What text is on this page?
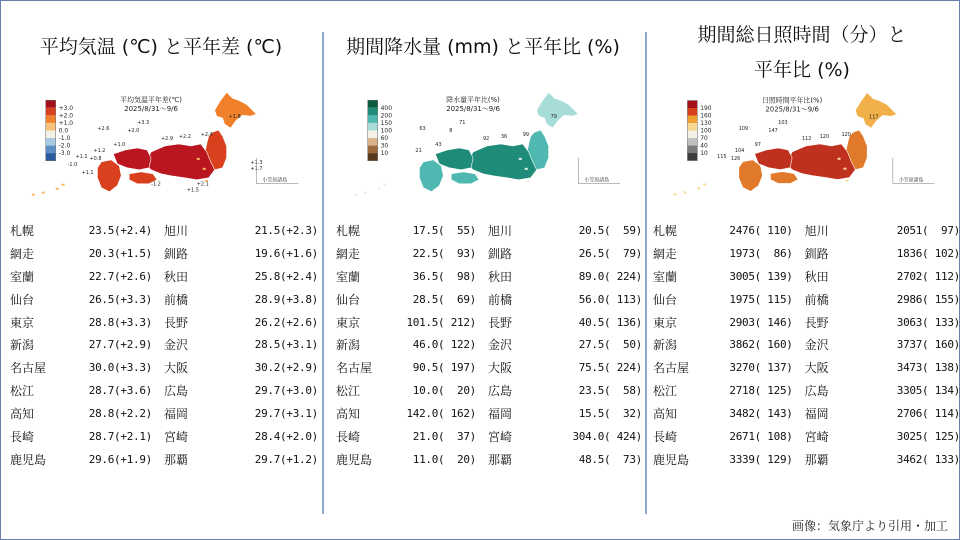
平均気温 (℃) と平年差 (℃)
+3.0
+2.0
+1.0
0.0
-1.0
-2.0
-3.0
平均気温平年差(℃)
2025/8/31～9/6
+2.6	+2.0
+3.3
+2.2 +2.4
+1.8
+1.0
+2.9
+1.2
+0.8
+1.1
-1.0
+1.1
-1.2	+2.1
+1.5
+1.3
+1.7
小笠原諸島
札幌	23.5(+2.4)	旭川	21.5(+2.3)
網走	20.3(+1.5)	釧路	19.6(+1.6)
室蘭	22.7(+2.6)	秋田	25.8(+2.4)
仙台	26.5(+3.3)	前橋	28.9(+3.8)
東京	28.8(+3.3)	長野	26.2(+2.6)
新潟	27.7(+2.9)	金沢	28.5(+3.1)
名古屋	30.0(+3.3)	大阪	30.2(+2.9)
松江	28.7(+3.6)	広島	29.7(+3.0)
高知	28.8(+2.2)	福岡	29.7(+3.1)
長崎	28.7(+2.1)	宮崎	28.4(+2.0)
鹿児島	29.6(+1.9)	那覇	29.7(+1.2)
期間降水量 (mm) と平年比 (%)
400
200
150
100
60
30
10
降水量平年比(%)
2025/8/31～9/6
63	8
71
36	99
79
43
92
21
小笠原諸島
札幌	17.5(  55)	旭川	20.5(  59)
網走	22.5(  93)	釧路	26.5(  79)
室蘭	36.5(  98)	秋田	89.0( 224)
仙台	28.5(  69)	前橋	56.0( 113)
東京	101.5( 212)	長野	40.5( 136)
新潟	46.0( 122)	金沢	27.5(  50)
名古屋	90.5( 197)	大阪	75.5( 224)
松江	10.0(  20)	広島	23.5(  58)
高知	142.0( 162)	福岡	15.5(  32)
長崎	21.0(  37)	宮崎	304.0( 424)
鹿児島	11.0(  20)	那覇	48.5(  73)
期間総日照時間（分）と
平年比 (%)
190
160
130
100
70
40
10
日照時間平年比(%)
2025/8/31～9/6
109	147
103
120 120
117
97
112
104
126
115
小笠原諸島
札幌	2476( 110)	旭川	2051(  97)
網走	1973(  86)	釧路	1836( 102)
室蘭	3005( 139)	秋田	2702( 112)
仙台	1975( 115)	前橋	2986( 155)
東京	2903( 146)	長野	3063( 133)
新潟	3862( 160)	金沢	3737( 160)
名古屋	3270( 137)	大阪	3473( 138)
松江	2718( 125)	広島	3305( 134)
高知	3482( 143)	福岡	2706( 114)
長崎	2671( 108)	宮崎	3025( 125)
鹿児島	3339( 129)	那覇	3462( 133)
画像：気象庁より引用・加工
